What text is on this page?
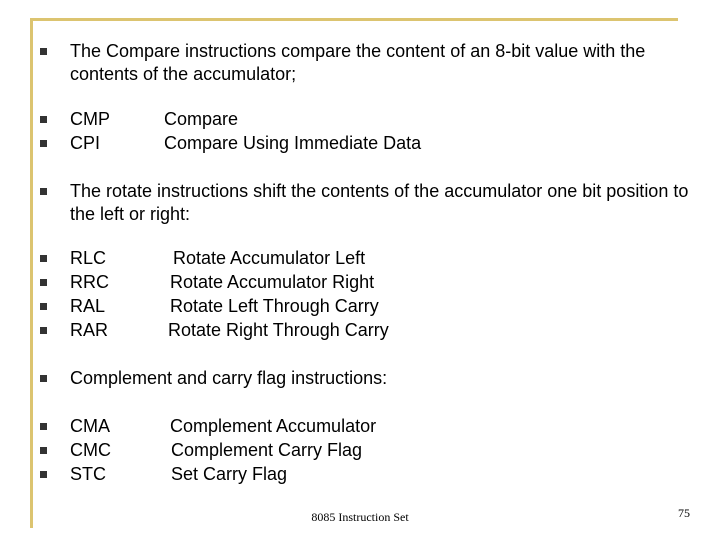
The Compare instructions compare the content of an 8-bit value with the contents of the accumulator;
CMP	Compare
CPI	Compare Using Immediate Data
The rotate instructions shift the contents of the accumulator one bit position to the left or right:
RLC	Rotate Accumulator Left
RRC	Rotate Accumulator Right
RAL	Rotate Left Through Carry
RAR	Rotate Right Through Carry
Complement and carry flag instructions:
CMA	Complement Accumulator
CMC	Complement Carry Flag
STC	Set Carry Flag
8085 Instruction Set	75
